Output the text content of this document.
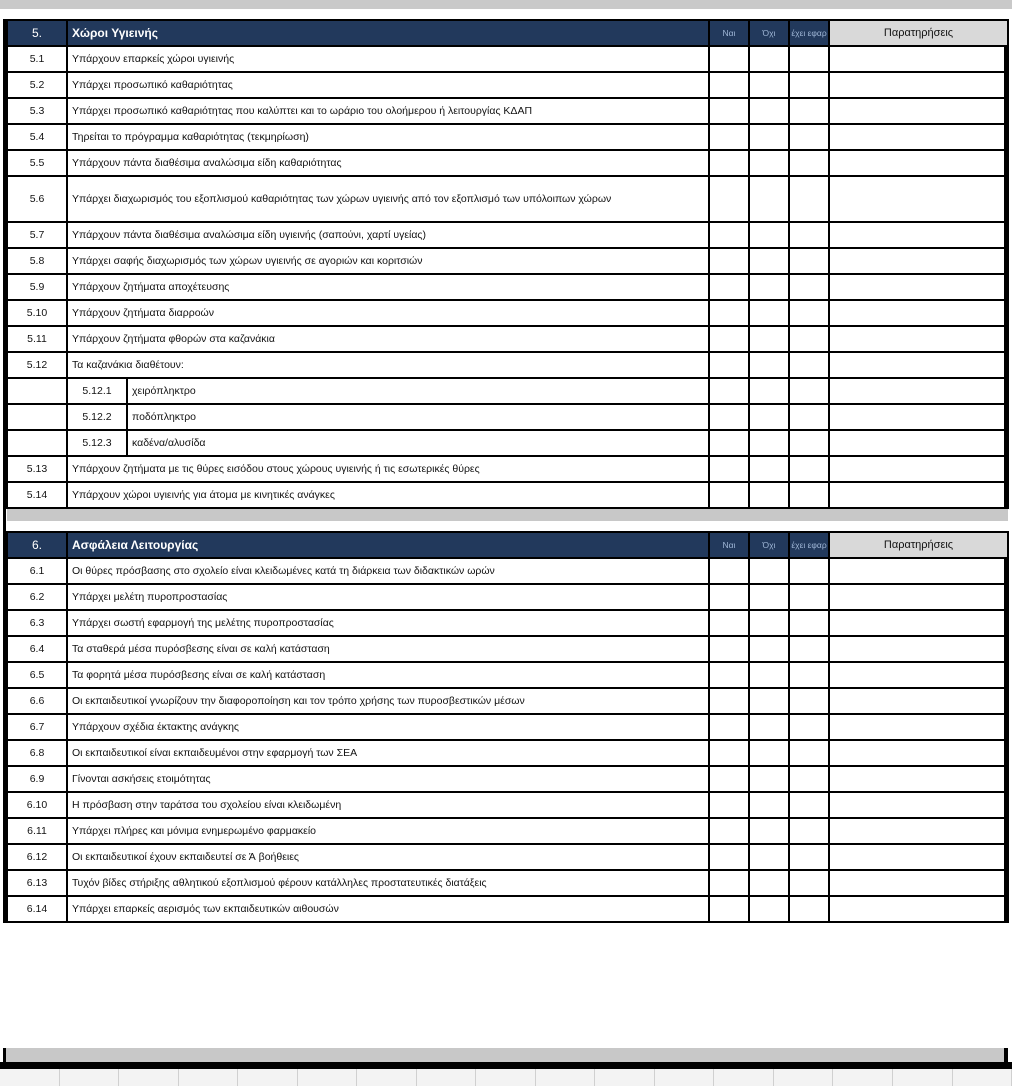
5.	Χώροι Υγιεινής		Ναι	Όχι	έχει εφαρ	Παρατηρήσεις
5.1	Υπάρχουν επαρκείς χώροι υγιεινής					
5.2	Υπάρχει προσωπικό καθαριότητας					
5.3	Υπάρχει προσωπικό καθαριότητας που καλύπτει και το ωράριο του ολοήμερου ή λειτουργίας ΚΔΑΠ					
5.4	Τηρείται το πρόγραμμα καθαριότητας (τεκμηρίωση)					
5.5	Υπάρχουν πάντα διαθέσιμα αναλώσιμα είδη καθαριότητας					
5.6	Υπάρχει διαχωρισμός του εξοπλισμού καθαριότητας των χώρων υγιεινής από τον εξοπλισμό των υπόλοιπων χώρων					
5.7	Υπάρχουν πάντα διαθέσιμα αναλώσιμα είδη υγιεινής (σαπούνι, χαρτί υγείας)					
5.8	Υπάρχει σαφής διαχωρισμός των χώρων υγιεινής σε αγοριών και κοριτσιών					
5.9	Υπάρχουν ζητήματα αποχέτευσης					
5.10	Υπάρχουν ζητήματα διαρροών					
5.11	Υπάρχουν ζητήματα φθορών στα καζανάκια					
5.12	Τα καζανάκια διαθέτουν:					
	5.12.1	χειρόπληκτρο				
	5.12.2	ποδόπληκτρο				
	5.12.3	καδένα/αλυσίδα				
5.13	Υπάρχουν ζητήματα με τις θύρες εισόδου στους χώρους υγιεινής ή τις εσωτερικές θύρες					
5.14	Υπάρχουν χώροι υγιεινής για άτομα με κινητικές ανάγκες					

6.	Ασφάλεια Λειτουργίας		Ναι	Όχι	έχει εφαρ	Παρατηρήσεις
6.1	Οι θύρες πρόσβασης στο σχολείο είναι κλειδωμένες κατά τη διάρκεια των διδακτικών ωρών					
6.2	Υπάρχει μελέτη πυροπροστασίας					
6.3	Υπάρχει σωστή εφαρμογή της μελέτης πυροπροστασίας					
6.4	Τα σταθερά μέσα πυρόσβεσης είναι σε καλή κατάσταση					
6.5	Τα φορητά μέσα πυρόσβεσης είναι σε καλή κατάσταση					
6.6	Οι εκπαιδευτικοί γνωρίζουν την διαφοροποίηση και τον τρόπο χρήσης των πυροσβεστικών μέσων					
6.7	Υπάρχουν σχέδια έκτακτης ανάγκης					
6.8	Οι εκπαιδευτικοί είναι εκπαιδευμένοι στην εφαρμογή των ΣΕΑ					
6.9	Γίνονται ασκήσεις ετοιμότητας					
6.10	Η πρόσβαση στην ταράτσα του σχολείου είναι κλειδωμένη					
6.11	Υπάρχει πλήρες και μόνιμα ενημερωμένο φαρμακείο					
6.12	Οι εκπαιδευτικοί έχουν εκπαιδευτεί σε Ά βοήθειες					
6.13	Τυχόν βίδες στήριξης αθλητικού εξοπλισμού φέρουν κατάλληλες προστατευτικές διατάξεις					
6.14	Υπάρχει επαρκείς αερισμός των εκπαιδευτικών αιθουσών					
